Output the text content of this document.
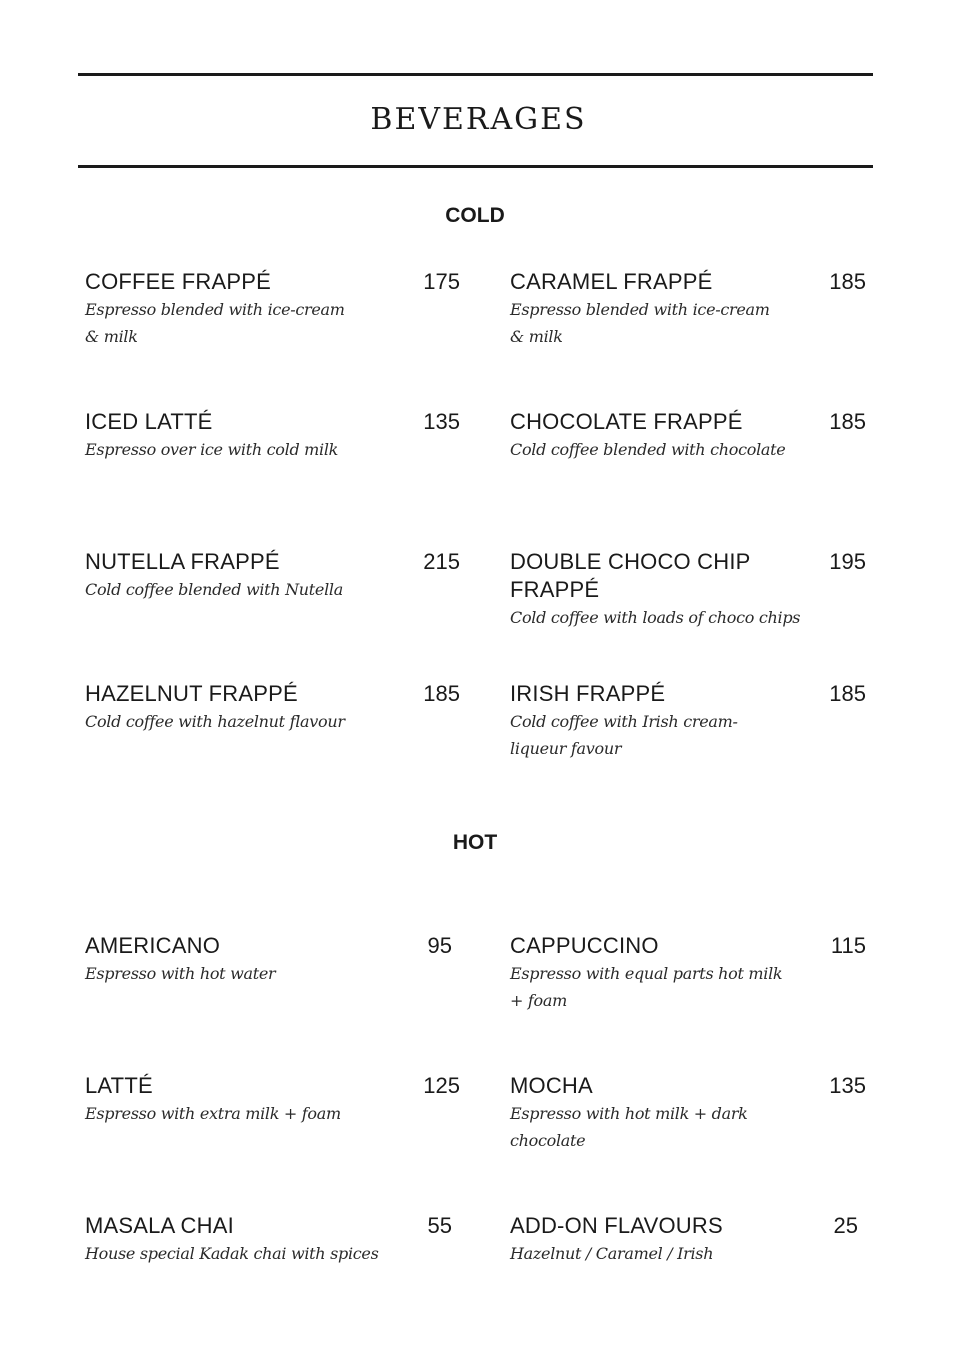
BEVERAGES
COLD
COFFEE FRAPPÉ	175
Espresso blended with ice-cream & milk
CARAMEL FRAPPÉ	185
Espresso blended with ice-cream & milk
ICED LATTÉ	135
Espresso over ice with cold milk
CHOCOLATE FRAPPÉ	185
Cold coffee blended with chocolate
NUTELLA FRAPPÉ	215
Cold coffee blended with Nutella
DOUBLE CHOCO CHIP FRAPPÉ
195
Cold coffee with loads of choco chips
HAZELNUT FRAPPÉ	185
Cold coffee with hazelnut flavour
IRISH FRAPPÉ	185
Cold coffee with Irish cream-liqueur favour
HOT
AMERICANO	95
Espresso with hot water
CAPPUCCINO	115
Espresso with equal parts hot milk + foam
LATTÉ	125
Espresso with extra milk + foam
MOCHA	135
Espresso with hot milk + dark chocolate
MASALA CHAI	55
House special Kadak chai with spices
ADD-ON FLAVOURS	25
Hazelnut / Caramel / Irish
